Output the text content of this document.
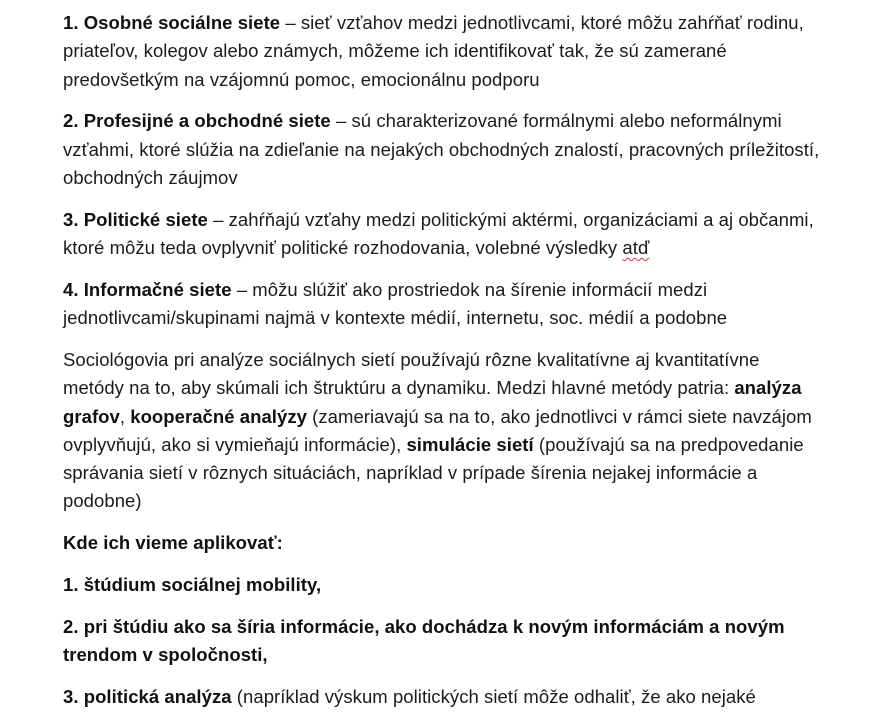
1. Osobné sociálne siete – sieť vzťahov medzi jednotlivcami, ktoré môžu zahŕňať rodinu, priateľov, kolegov alebo známych, môžeme ich identifikovať tak, že sú zamerané predovšetkým na vzájomnú pomoc, emocionálnu podporu

2. Profesijné a obchodné siete – sú charakterizované formálnymi alebo neformálnymi vzťahmi, ktoré slúžia na zdieľanie na nejakých obchodných znalostí, pracovných príležitostí, obchodných záujmov

3. Politické siete – zahŕňajú vzťahy medzi politickými aktérmi, organizáciami a aj občanmi, ktoré môžu teda ovplyvniť politické rozhodovania, volebné výsledky atď

4. Informačné siete – môžu slúžiť ako prostriedok na šírenie informácií medzi jednotlivcami/skupinami najmä v kontexte médií, internetu, soc. médií a podobne

Sociológovia pri analýze sociálnych sietí používajú rôzne kvalitatívne aj kvantitatívne metódy na to, aby skúmali ich štruktúru a dynamiku. Medzi hlavné metódy patria: analýza grafov, kooperačné analýzy (zameriavajú sa na to, ako jednotlivci v rámci siete navzájom ovplyvňujú, ako si vymieňajú informácie), simulácie sietí (používajú sa na predpovedanie správania sietí v rôznych situáciách, napríklad v prípade šírenia nejakej informácie a podobne)

Kde ich vieme aplikovať:

1. štúdium sociálnej mobility,

2. pri štúdiu ako sa šíria informácie, ako dochádza k novým informáciám a novým trendom v spoločnosti,

3. politická analýza (napríklad výskum politických sietí môže odhaliť, že ako nejaké
